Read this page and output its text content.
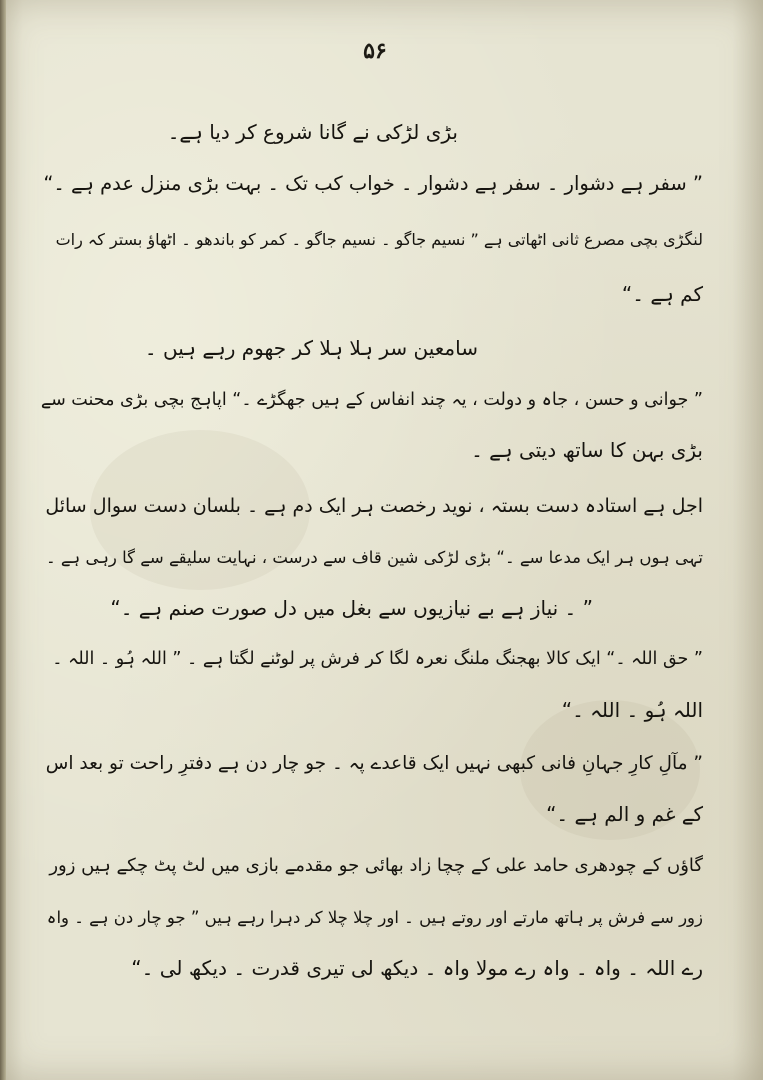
۵۶
بڑی لڑکی نے گانا شروع کر دیا ہے۔
” سفر ہے دشوار ۔ سفر ہے دشوار ۔ خواب کب تک ۔ بہت بڑی منزل عدم ہے ۔“
لنگڑی بچی مصرع ثانی اٹھاتی ہے ” نسیم جاگو ۔ نسیم جاگو ۔ کمر کو باندھو ۔ اٹھاؤ بستر کہ رات
کم ہے ۔“
سامعین سر ہلا ہلا کر جھوم رہے ہیں ۔
” جوانی و حسن ، جاہ و دولت ، یہ چند انفاس کے ہیں جھگڑے ۔“ اپاہج بچی بڑی محنت سے
بڑی بہن کا ساتھ دیتی ہے ۔
اجل ہے استادہ دست بستہ ، نوید رخصت ہر ایک دم ہے ۔ بلسان دست سوال سائل
تہی ہوں ہر ایک مدعا سے ۔“ بڑی لڑکی شین قاف سے درست ، نہایت سلیقے سے گا رہی ہے ۔
” ۔ نیاز ہے بے نیازیوں سے بغل میں دل صورت صنم ہے ۔“
” حق اللہ ۔“ ایک کالا بھجنگ ملنگ نعرہ لگا کر فرش پر لوٹنے لگتا ہے ۔ ” اللہ ہُو ۔ اللہ ۔
اللہ ہُو ۔ اللہ ۔“
” مآلِ کارِ جہانِ فانی کبھی نہیں ایک قاعدے پہ ۔ جو چار دن ہے دفترِ راحت تو بعد اس
کے غم و الم ہے ۔“
گاؤں کے چودھری حامد علی کے چچا زاد بھائی جو مقدمے بازی میں لٹ پٹ چکے ہیں زور
زور سے فرش پر ہاتھ مارتے اور روتے ہیں ۔ اور چلا چلا کر دہرا رہے ہیں ” جو چار دن ہے ۔ واہ
رے اللہ ۔ واہ ۔ واہ رے مولا واہ ۔ دیکھ لی تیری قدرت ۔ دیکھ لی ۔“
